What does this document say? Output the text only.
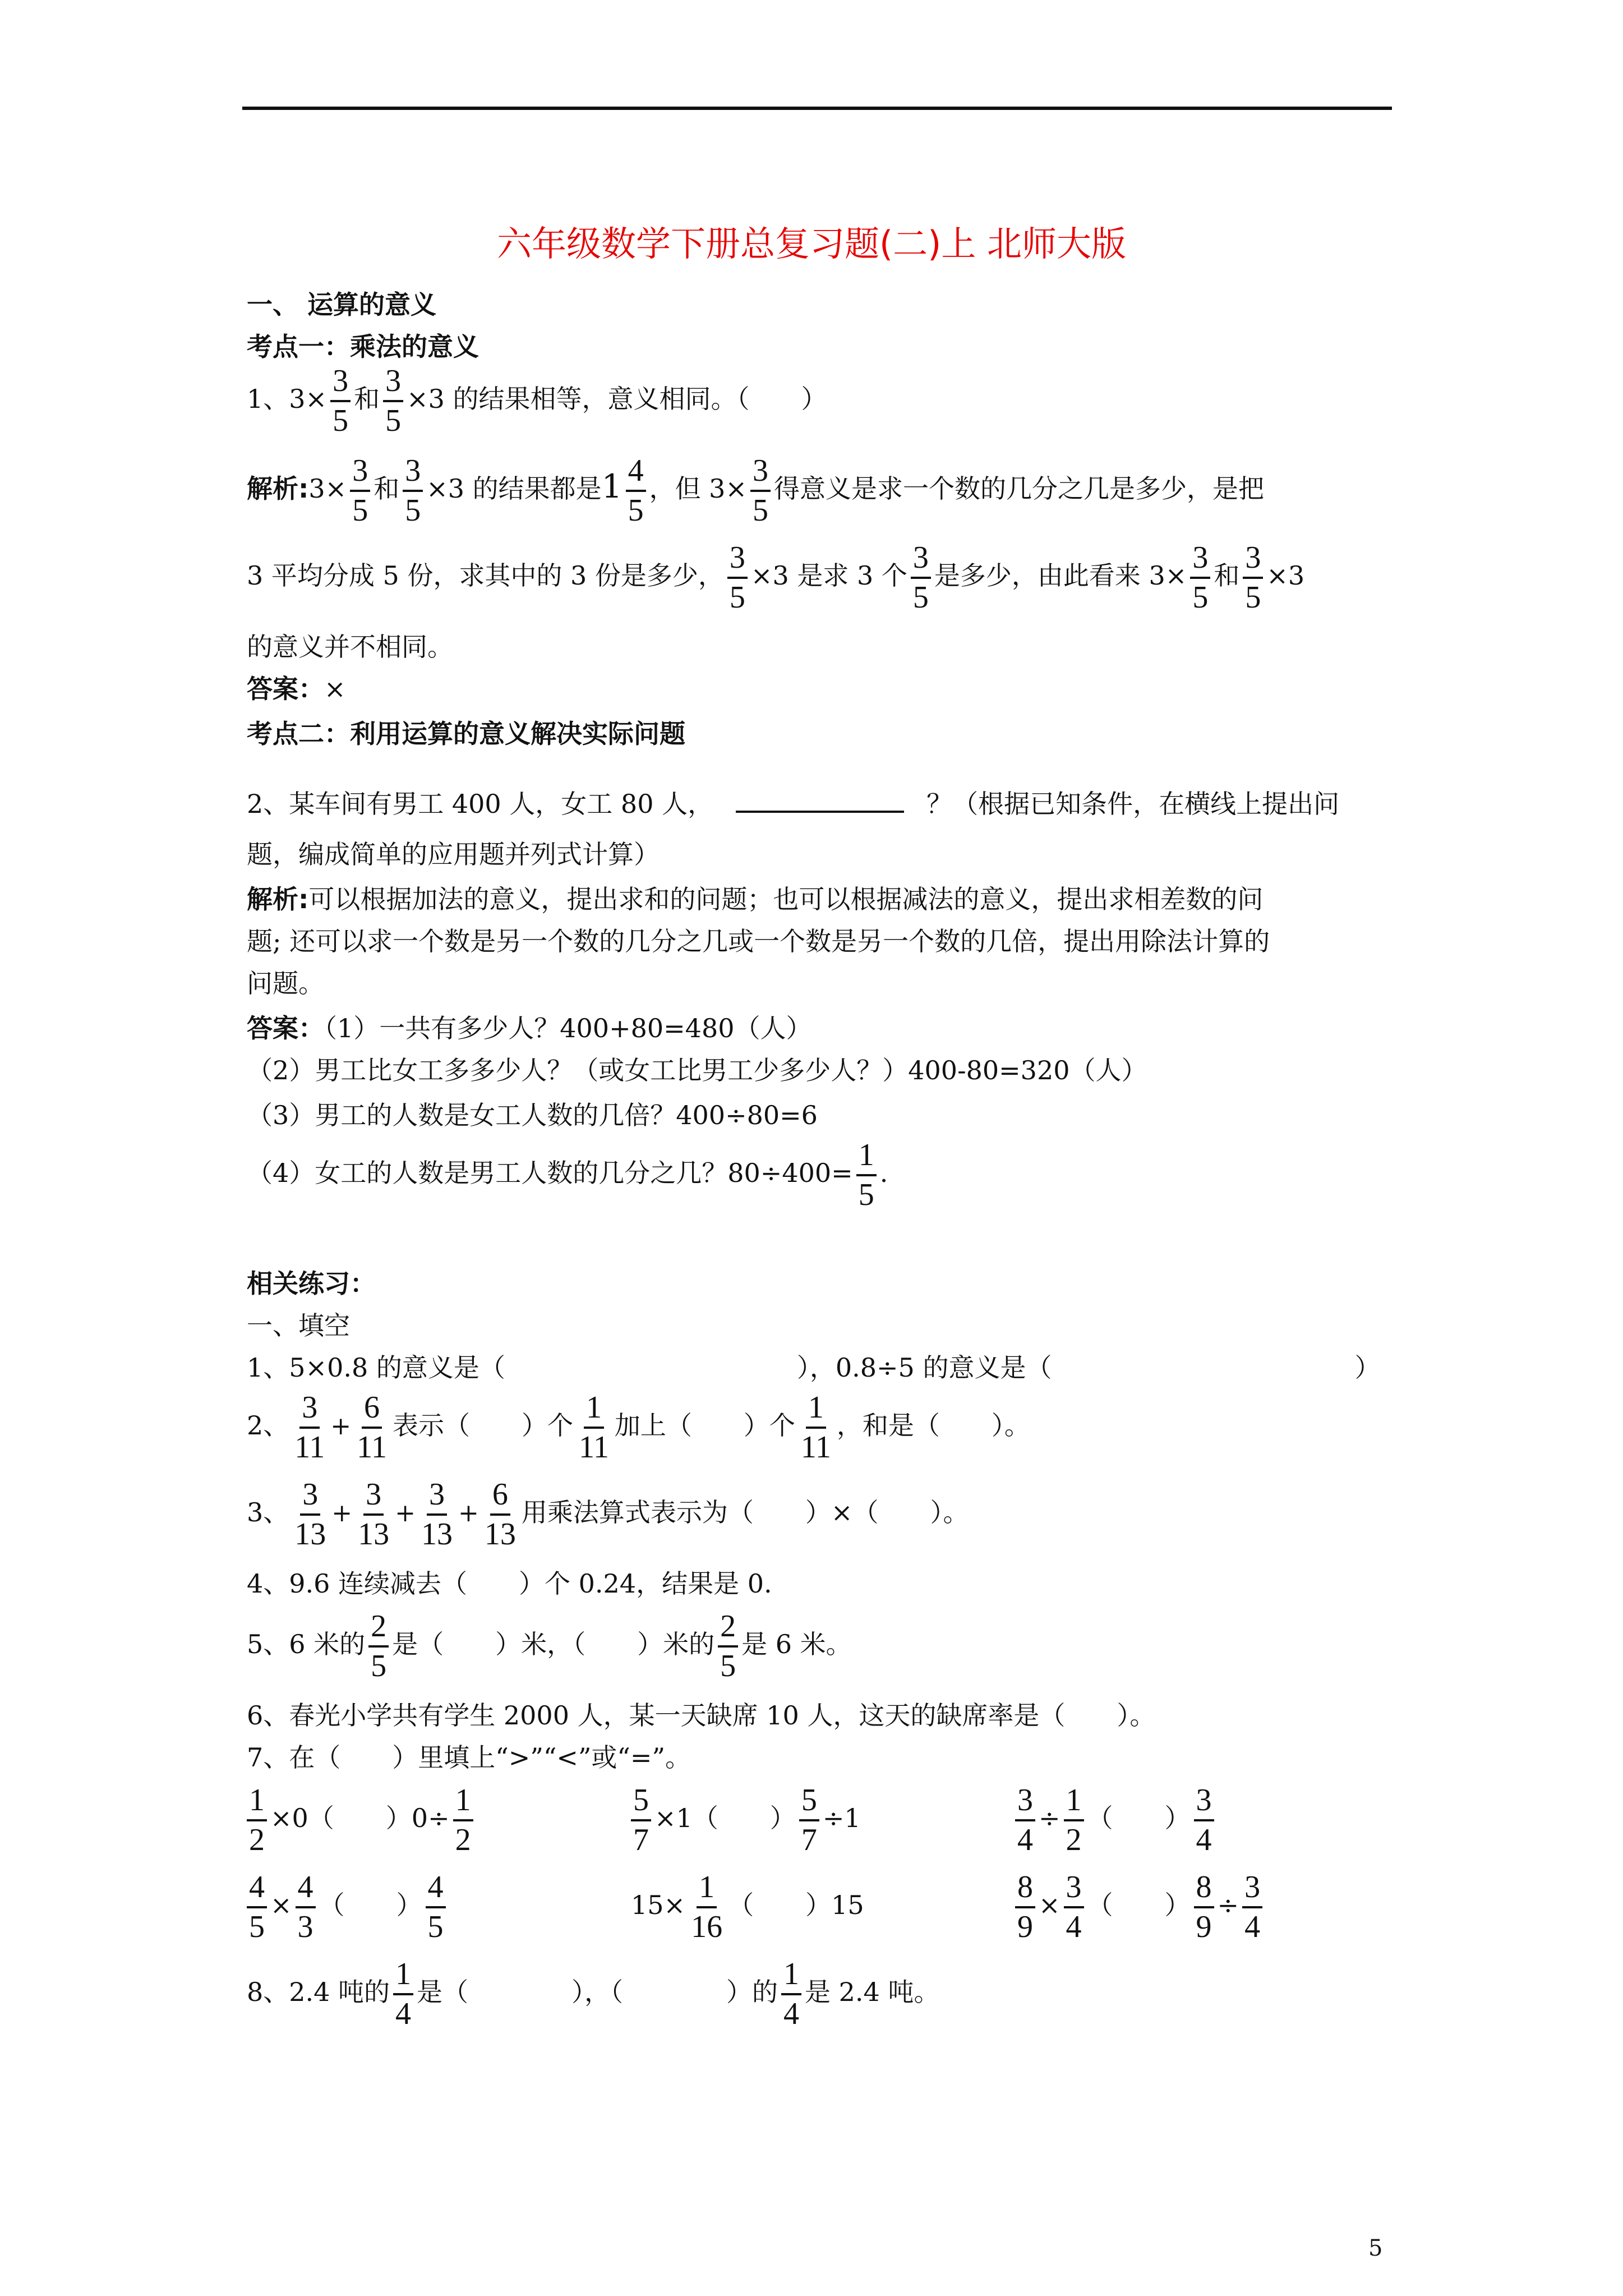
六年级数学下册总复习题(二)上 北师大版
一、 运算的意义
考点一：乘法的意义
1、$3\times \frac{3}{5}$ 和 $\frac{3}{5} \times 3$ 的结果相等，意义相同。（　　）
解析:3× $\frac{3}{5}$ 和 $\frac{3}{5} \times 3$ 的结果都是$1 \frac{4}{5}$ ，但 $3\times \frac{3}{5}$ 得意义是求一个数的几分之几是多少，是把
3 平均分成 5 份，求其中的 3 份是多少， $\frac{3}{5} \times 3$ 是求 3 个 $\frac{3}{5}$ 是多少，由此看来 $3\times \frac{3}{5}$ 和 $\frac{3}{5} \times 3$
的意义并不相同。
答案：×
考点二：利用运算的意义解决实际问题
2、某车间有男工 400 人，女工 80 人，	？（根据已知条件，在横线上提出问
题，编成简单的应用题并列式计算）
解析:可以根据加法的意义，提出求和的问题；也可以根据减法的意义，提出求相差数的问
题; 还可以求一个数是另一个数的几分之几或一个数是另一个数的几倍，提出用除法计算的
问题。
答案：（1）一共有多少人？400+80=480（人）
（2）男工比女工多多少人？（或女工比男工少多少人？）400-80=320（人）
（3）男工的人数是女工人数的几倍？400÷80=6
（4）女工的人数是男工人数的几分之几？$80\div 400= \frac{1}{5}$ .
相关练习：
一、填空
1、5×0.8 的意义是（	），0.8÷5 的意义是（	）
2、 $\frac{3}{11} + \frac{6}{11}$ 表示（　　）个 $\frac{1}{11}$ 加上（　　）个 $\frac{1}{11}$ ，和是（　　）。
3、 $\frac{3}{13} + \frac{3}{13} + \frac{3}{13} + \frac{6}{13}$ 用乘法算式表示为（　　）×（　　）。
4、9.6 连续减去（　　）个 0.24，结果是 0.
5、6 米的 $\frac{2}{5}$ 是（　　）米，（　　）米的 $\frac{2}{5}$ 是 6 米。
6、春光小学共有学生 2000 人，某一天缺席 10 人，这天的缺席率是（　　）。
7、在（　　）里填上“>”“<”或“=”。
$\frac{1}{2} \times 0$（　　）$0\div \frac{1}{2}$	$\frac{5}{7} \times 1$（　　） $\frac{5}{7} \div 1$	$\frac{3}{4} \div \frac{1}{2}$ （　　） $\frac{3}{4}$
$\frac{4}{5} \times \frac{4}{3}$ （　　） $\frac{4}{5}$	$15\times \frac{1}{16}$ （　　）15	$\frac{8}{9} \times \frac{3}{4}$ （　　） $\frac{8}{9} \div \frac{3}{4}$
8、2.4 吨的 $\frac{1}{4}$ 是（　　　　），（　　　　）的 $\frac{1}{4}$ 是 2.4 吨。
5
